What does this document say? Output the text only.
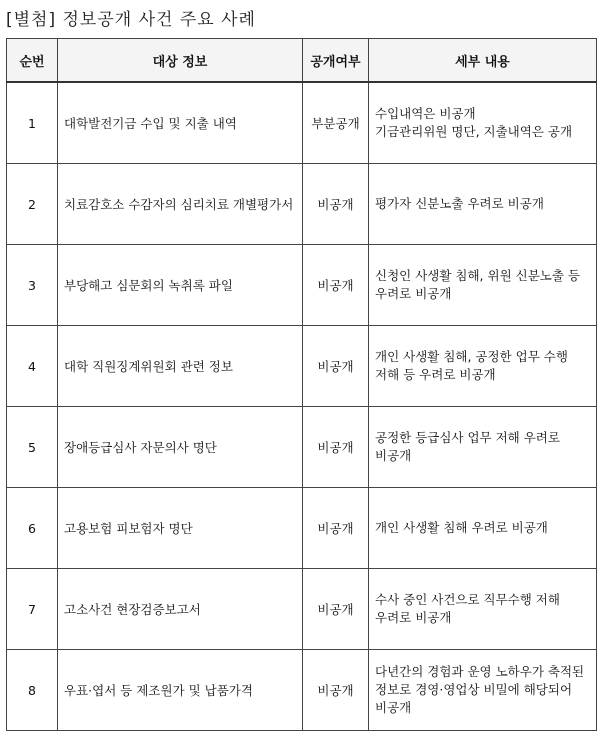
[별첨] 정보공개 사건 주요 사례
순번	대상 정보	공개여부	세부 내용
1	대학발전기금 수입 및 지출 내역	부분공개	수입내역은 비공개
기금관리위원 명단, 지출내역은 공개

2	치료감호소 수감자의 심리치료 개별평가서	비공개	평가자 신분노출 우려로 비공개

3	부당해고 심문회의 녹취록 파일	비공개	신청인 사생활 침해, 위원 신분노출 등
우려로 비공개

4	대학 직원징계위원회 관련 정보	비공개	개인 사생활 침해, 공정한 업무 수행
저해 등 우려로 비공개

5	장애등급심사 자문의사 명단	비공개	공정한 등급심사 업무 저해 우려로
비공개

6	고용보험 피보험자 명단	비공개	개인 사생활 침해 우려로 비공개

7	고소사건 현장검증보고서	비공개	수사 중인 사건으로 직무수행 저해
우려로 비공개

8	우표·엽서 등 제조원가 및 납품가격	비공개	다년간의 경험과 운영 노하우가 축적된
정보로 경영·영업상 비밀에 해당되어
비공개
